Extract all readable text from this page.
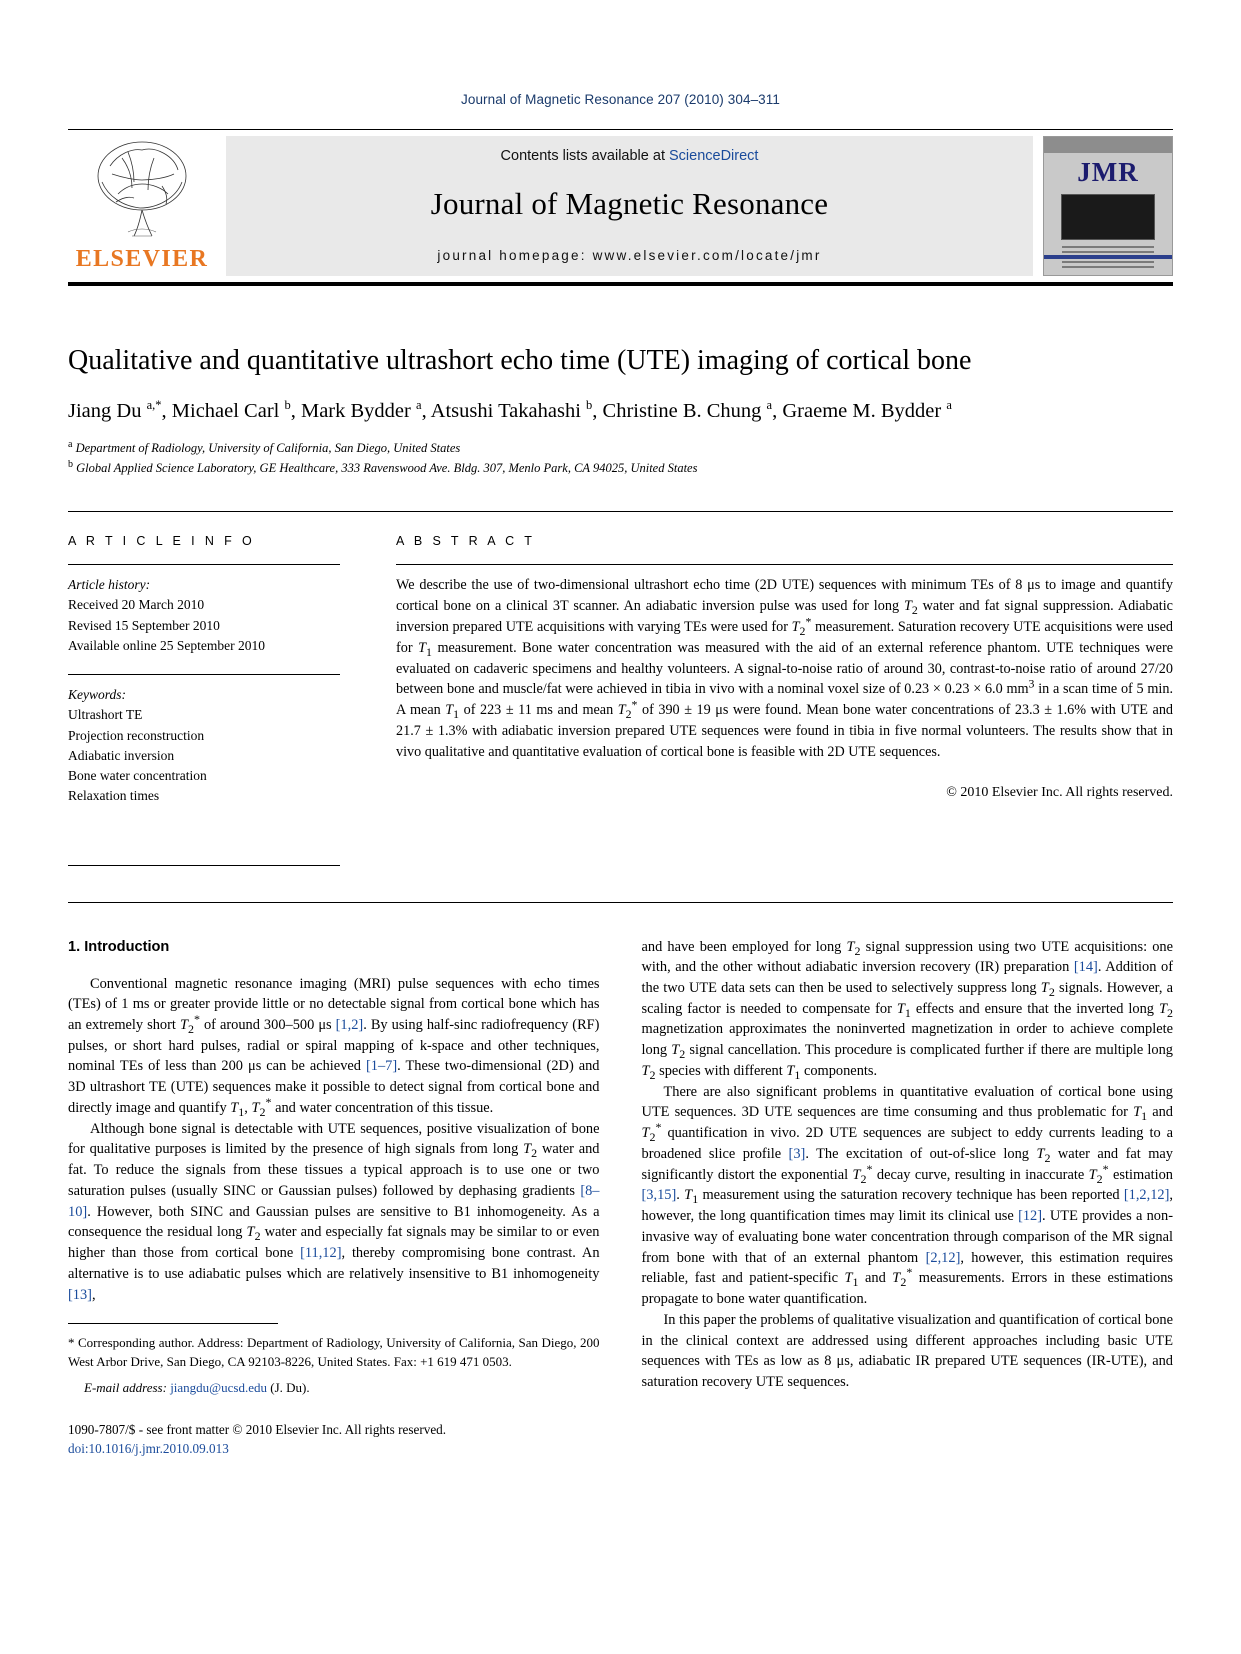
Journal of Magnetic Resonance 207 (2010) 304–311
ELSEVIER
Contents lists available at ScienceDirect
Journal of Magnetic Resonance
journal homepage: www.elsevier.com/locate/jmr
JMR
Qualitative and quantitative ultrashort echo time (UTE) imaging of cortical bone
Jiang Du $^{a,*}$, Michael Carl $^b$, Mark Bydder $^a$, Atsushi Takahashi $^b$, Christine B. Chung $^a$, Graeme M. Bydder $^a$
$^a$ Department of Radiology, University of California, San Diego, United States
$^b$ Global Applied Science Laboratory, GE Healthcare, 333 Ravenswood Ave. Bldg. 307, Menlo Park, CA 94025, United States
A R T I C L E I N F O
Article history:
Received 20 March 2010
Revised 15 September 2010
Available online 25 September 2010
Keywords:
Ultrashort TE
Projection reconstruction
Adiabatic inversion
Bone water concentration
Relaxation times
A B S T R A C T
We describe the use of two-dimensional ultrashort echo time (2D UTE) sequences with minimum TEs of 8 μs to image and quantify cortical bone on a clinical 3T scanner. An adiabatic inversion pulse was used for long $T_2$ water and fat signal suppression. Adiabatic inversion prepared UTE acquisitions with varying TEs were used for $T_2^*$ measurement. Saturation recovery UTE acquisitions were used for $T_1$ measurement. Bone water concentration was measured with the aid of an external reference phantom. UTE techniques were evaluated on cadaveric specimens and healthy volunteers. A signal-to-noise ratio of around 30, contrast-to-noise ratio of around 27/20 between bone and muscle/fat were achieved in tibia in vivo with a nominal voxel size of 0.23 × 0.23 × 6.0 $mm^3$ in a scan time of 5 min. A mean $T_1$ of 223 ± 11 ms and mean $T_2^*$ of 390 ± 19 μs were found. Mean bone water concentrations of 23.3 ± 1.6% with UTE and 21.7 ± 1.3% with adiabatic inversion prepared UTE sequences were found in tibia in five normal volunteers. The results show that in vivo qualitative and quantitative evaluation of cortical bone is feasible with 2D UTE sequences.
© 2010 Elsevier Inc. All rights reserved.
1. Introduction

Conventional magnetic resonance imaging (MRI) pulse sequences with echo times (TEs) of 1 ms or greater provide little or no detectable signal from cortical bone which has an extremely short $T_2^*$ of around 300–500 μs [1,2]. By using half-sinc radiofrequency (RF) pulses, or short hard pulses, radial or spiral mapping of k-space and other techniques, nominal TEs of less than 200 μs can be achieved [1–7]. These two-dimensional (2D) and 3D ultrashort TE (UTE) sequences make it possible to detect signal from cortical bone and directly image and quantify $T_1$, $T_2^*$ and water concentration of this tissue.

Although bone signal is detectable with UTE sequences, positive visualization of bone for qualitative purposes is limited by the presence of high signals from long $T_2$ water and fat. To reduce the signals from these tissues a typical approach is to use one or two saturation pulses (usually SINC or Gaussian pulses) followed by dephasing gradients [8–10]. However, both SINC and Gaussian pulses are sensitive to B1 inhomogeneity. As a consequence the residual long $T_2$ water and especially fat signals may be similar to or even higher than those from cortical bone [11,12], thereby compromising bone contrast. An alternative is to use adiabatic pulses which are relatively insensitive to B1 inhomogeneity [13],

* Corresponding author. Address: Department of Radiology, University of California, San Diego, 200 West Arbor Drive, San Diego, CA 92103-8226, United States. Fax: +1 619 471 0503.
E-mail address: jiangdu@ucsd.edu (J. Du).
1090-7807/$ - see front matter © 2010 Elsevier Inc. All rights reserved.
doi:10.1016/j.jmr.2010.09.013

and have been employed for long $T_2$ signal suppression using two UTE acquisitions: one with, and the other without adiabatic inversion recovery (IR) preparation [14]. Addition of the two UTE data sets can then be used to selectively suppress long $T_2$ signals. However, a scaling factor is needed to compensate for $T_1$ effects and ensure that the inverted long $T_2$ magnetization approximates the noninverted magnetization in order to achieve complete long $T_2$ signal cancellation. This procedure is complicated further if there are multiple long $T_2$ species with different $T_1$ components.

There are also significant problems in quantitative evaluation of cortical bone using UTE sequences. 3D UTE sequences are time consuming and thus problematic for $T_1$ and $T_2^*$ quantification in vivo. 2D UTE sequences are subject to eddy currents leading to a broadened slice profile [3]. The excitation of out-of-slice long $T_2$ water and fat may significantly distort the exponential $T_2^*$ decay curve, resulting in inaccurate $T_2^*$ estimation [3,15]. $T_1$ measurement using the saturation recovery technique has been reported [1,2,12], however, the long quantification times may limit its clinical use [12]. UTE provides a non-invasive way of evaluating bone water concentration through comparison of the MR signal from bone with that of an external phantom [2,12], however, this estimation requires reliable, fast and patient-specific $T_1$ and $T_2^*$ measurements. Errors in these estimations propagate to bone water quantification.

In this paper the problems of qualitative visualization and quantification of cortical bone in the clinical context are addressed using different approaches including basic UTE sequences with TEs as low as 8 μs, adiabatic IR prepared UTE sequences (IR-UTE), and saturation recovery UTE sequences.
